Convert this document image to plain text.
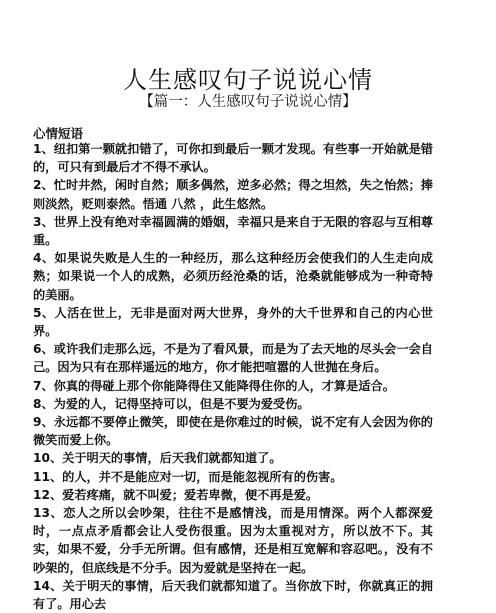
人生感叹句子说说心情
【篇一：人生感叹句子说说心情】
心情短语

1、纽扣第一颗就扣错了，可你扣到最后一颗才发现。有些事一开始就是错的，可只有到最后才不得不承认。

2、忙时井然，闲时自然；顺多偶然，逆多必然；得之坦然，失之怡然；捧则淡然，贬则泰然。悟通 八然 ，此生悠然。

3、世界上没有绝对幸福圆满的婚姻，幸福只是来自于无限的容忍与互相尊重。

4、如果说失败是人生的一种经历，那么这种经历会使我们的人生走向成熟；如果说一个人的成熟，必须历经沧桑的话，沧桑就能够成为一种奇特的美丽。

5、人活在世上，无非是面对两大世界，身外的大千世界和自己的内心世界。

6、或许我们走那么远，不是为了看风景，而是为了去天地的尽头会一会自己。因为只有在那样遥远的地方，你才能把喧嚣的人世抛在身后。

7、你真的得碰上那个你能降得住又能降得住你的人，才算是适合。

8、为爱的人，记得坚持可以，但是不要为爱受伤。

9、永远都不要停止微笑，即使在是你难过的时候，说不定有人会因为你的微笑而爱上你。

10、关于明天的事情，后天我们就都知道了。

11、的人，并不是能应对一切，而是能忽视所有的伤害。

12、爱若疼痛，就不叫爱；爱若卑微，便不再是爱。

13、恋人之所以会吵架，往往不是感情浅，而是用情深。两个人都深爱时，一点点矛盾都会让人受伤很重。因为太重视对方，所以放不下。其实，如果不爱，分手无所谓。但有感情，还是相互宽解和容忍吧。，没有不吵架的，但底线是不分手。因为爱就是坚持在一起。

14、关于明天的事情，后天我们就都知道了。当你放下时，你就真正的拥有了。用心去
